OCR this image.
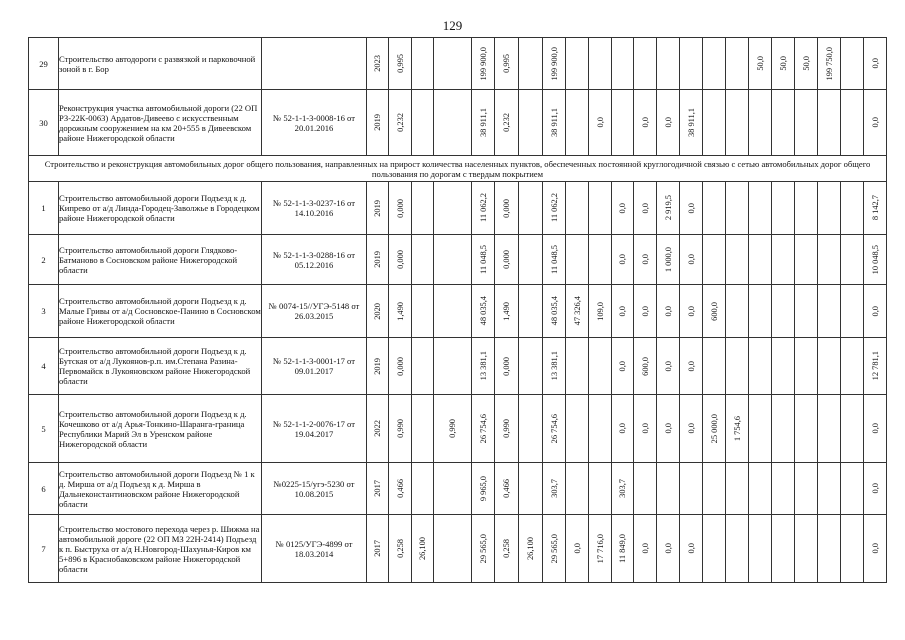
129
29	Строительство автодороги с развязкой и парковочной зоной в г. Бор		2023	0,995			199 900,0	0,995		199 900,0									50,0	50,0	50,0	199 750,0		0,0

30	Реконструкция участка автомобильной дороги (22 ОП РЗ-22К-0063) Ардатов-Дивеево с искусственным дорожным сооружением на км 20+555 в Дивеевском районе Нижегородской области	№ 52-1-1-3-0008-16 от 20.01.2016	2019	0,232			38 911,1	0,232		38 911,1		0,0		0,0	0,0	38 911,1								0,0

Строительство и реконструкция автомобильных дорог общего пользования, направленных на прирост количества населенных пунктов, обеспеченных постоянной круглогодичной связью с сетью автомобильных дорог общего пользования по дорогам с твердым покрытием																								
1	Строительство автомобильной дороги Подъезд к д. Кипрево от а/д Линда-Городец-Заволжье в Городецком районе Нижегородской области	№ 52-1-1-3-0237-16 от 14.10.2016	2019	0,000			11 062,2	0,000		11 062,2			0,0	0,0	2 919,5	0,0								8 142,7

2	Строительство автомобильной дороги Глядково-Батманово в Сосновском районе Нижегородской области	№ 52-1-1-3-0288-16 от 05.12.2016	2019	0,000			11 048,5	0,000		11 048,5			0,0	0,0	1 000,0	0,0								10 048,5

3	Строительство автомобильной дороги Подъезд к д. Малые Гривы от а/д Сосновское-Панино в Сосновском районе Нижегородской области	№ 0074-15//УГЭ-5148 от 26.03.2015	2020	1,490			48 035,4	1,490		48 035,4	47 326,4	109,0	0,0	0,0	0,0	0,0	600,0							0,0

4	Строительство автомобильной дороги Подъезд к д. Бутская от а/д Лукоянов-р.п. им.Степана Разина-Первомайск в Лукояновском районе Нижегородской области	№ 52-1-1-3-0001-17 от 09.01.2017	2019	0,000			13 381,1	0,000		13 381,1			0,0	600,0	0,0	0,0								12 781,1

5	Строительство автомобильной дороги Подъезд к д. Кочешково от а/д Арья-Тонкино-Шаранга-граница Республики Марий Эл в Уренском районе Нижегородской области	№ 52-1-1-2-0076-17 от 19.04.2017	2022	0,990		0,990	26 754,6	0,990		26 754,6			0,0	0,0	0,0	0,0	25 000,0	1 754,6						0,0

6	Строительство автомобильной дороги Подъезд № 1 к д. Мирша от а/д Подъезд к д. Мирша в Дальнеконстантиновском районе Нижегородской области	№0225-15/угэ-5230 от 10.08.2015	2017	0,466			9 965,0	0,466		303,7			303,7											0,0

7	Строительство мостового перехода через р. Шижма на автомобильной дороге (22 ОП МЗ 22Н-2414) Подъезд к п. Быструха от а/д Н.Новгород-Шахунья-Киров км 5+896 в Краснобаковском районе Нижегородской области	№ 0125/УГЭ-4899 от 18.03.2014	2017	0,258	26,100		29 565,0	0,258	26,100	29 565,0	0,0	17 716,0	11 849,0	0,0	0,0	0,0								0,0
